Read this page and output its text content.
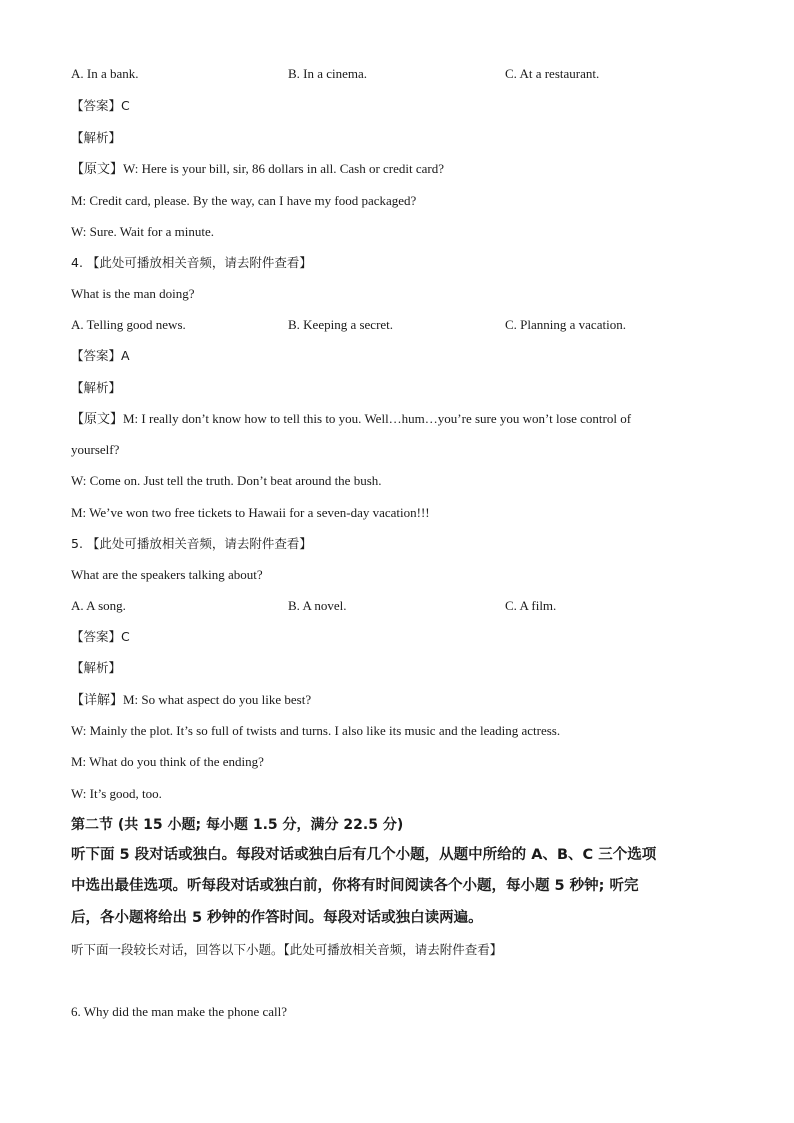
A. In a bank.	B. In a cinema.	C. At a restaurant.
【答案】C
【解析】
【原文】W: Here is your bill, sir, 86 dollars in all. Cash or credit card?
M: Credit card, please. By the way, can I have my food packaged?
W: Sure. Wait for a minute.
4. 【此处可播放相关音频，请去附件查看】
What is the man doing?
A. Telling good news.	B. Keeping a secret.	C. Planning a vacation.
【答案】A
【解析】
【原文】M: I really don’t know how to tell this to you. Well…hum…you’re sure you won’t lose control of
yourself?
W: Come on. Just tell the truth. Don’t beat around the bush.
M: We’ve won two free tickets to Hawaii for a seven-day vacation!!!
5. 【此处可播放相关音频，请去附件查看】
What are the speakers talking about?
A. A song.	B. A novel.	C. A film.
【答案】C
【解析】
【详解】M: So what aspect do you like best?
W: Mainly the plot. It’s so full of twists and turns. I also like its music and the leading actress.
M: What do you think of the ending?
W: It’s good, too.
第二节 (共 15 小题; 每小题 1.5 分，满分 22.5 分)
听下面 5 段对话或独白。每段对话或独白后有几个小题，从题中所给的 A、B、C 三个选项
中选出最佳选项。听每段对话或独白前，你将有时间阅读各个小题，每小题 5 秒钟; 听完
后，各小题将给出 5 秒钟的作答时间。每段对话或独白读两遍。
听下面一段较长对话，回答以下小题。【此处可播放相关音频，请去附件查看】
6. Why did the man make the phone call?
